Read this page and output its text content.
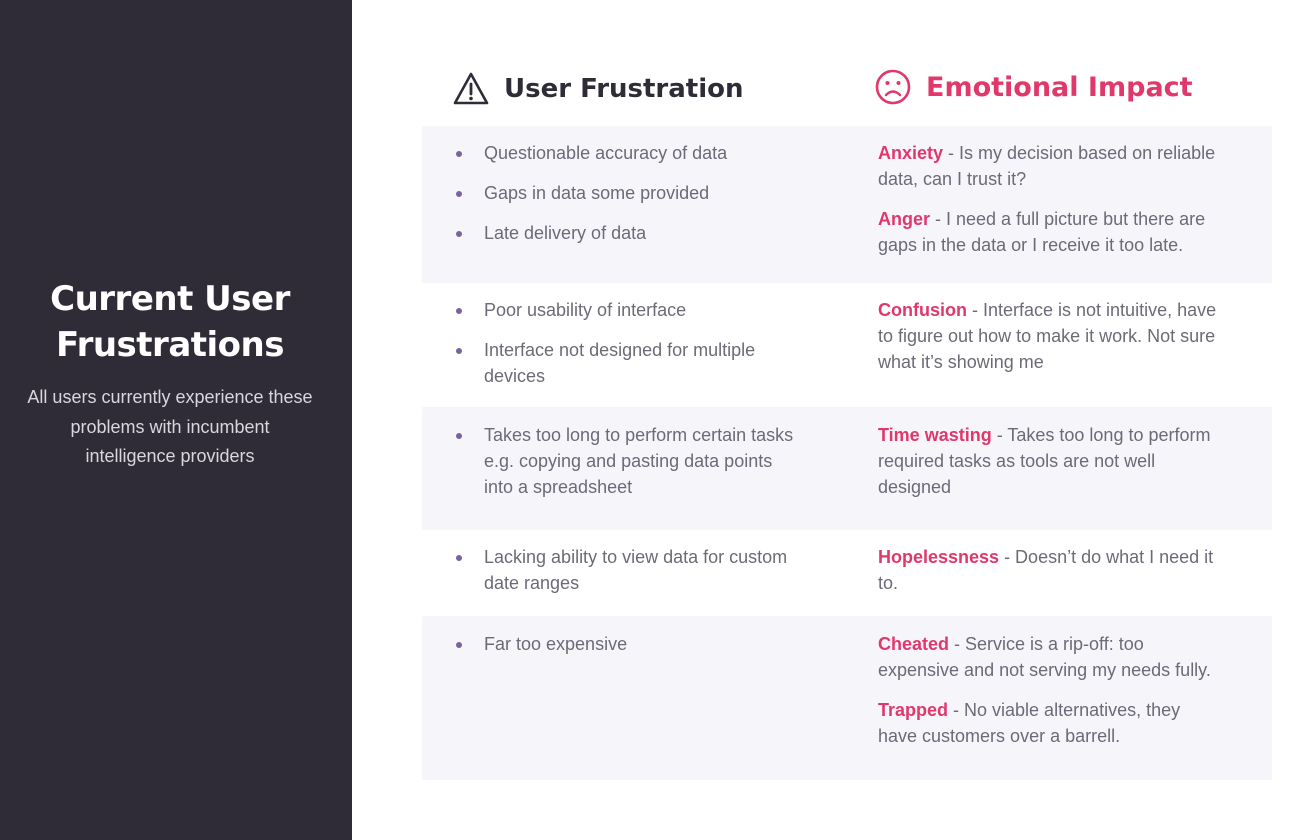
Current User
Frustrations

All users currently experience these problems with incumbent intelligence providers

User Frustration	Emotional Impact
Questionable accuracy of data
Gaps in data some provided
Late delivery of data

Anxiety - Is my decision based on reliable data, can I trust it?

Anger - I need a full picture but there are gaps in the data or I receive it too late.

Poor usability of interface
Interface not designed for multiple devices

Confusion - Interface is not intuitive, have to figure out how to make it work. Not sure what it’s showing me

Takes too long to perform certain tasks e.g. copying and pasting data points into a spreadsheet

Time wasting - Takes too long to perform required tasks as tools are not well designed

Lacking ability to view data for custom date ranges

Hopelessness - Doesn’t do what I need it to.

Far too expensive	Cheated - Service is a rip-off: too expensive and not serving my needs fully.

Trapped - No viable alternatives, they have customers over a barrell.
